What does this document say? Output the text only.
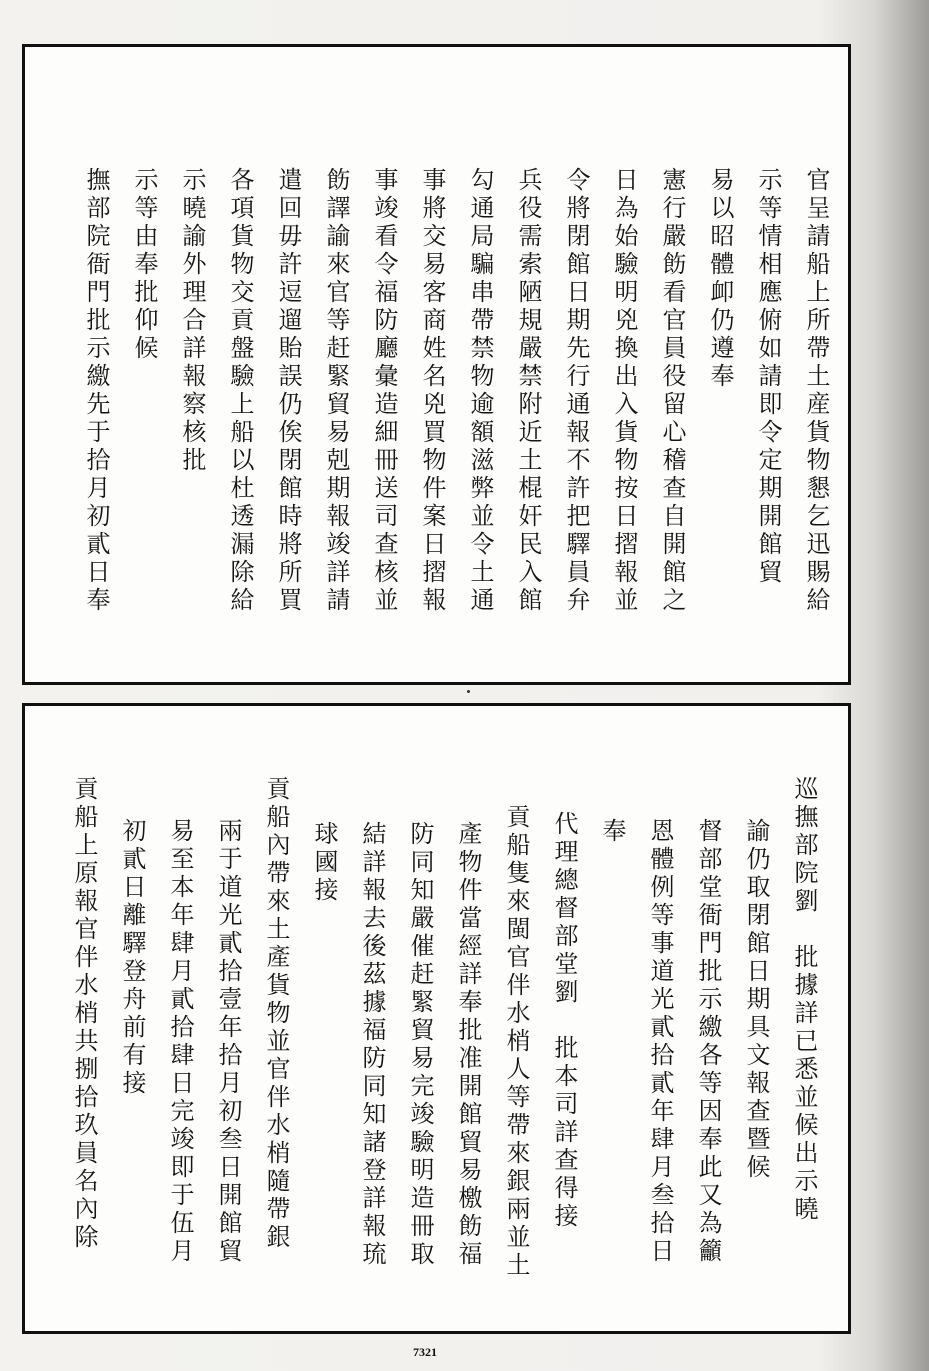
官呈請船上所帶土産貨物懇乞迅賜給
示等情相應俯如請即令定期開館貿
易以昭體卹仍遵奉
憲行嚴飭看官員役留心稽查自開館之
日為始驗明兇換出入貨物按日摺報並
令將閉館日期先行通報不許把驛員弁
兵役需索陋規嚴禁附近土棍奸民入館
勾通局騙串帶禁物逾額滋弊並令土通
事將交易客商姓名兇買物件案日摺報
事竣看令福防廳彙造細冊送司查核並
飭譯諭來官等赶緊貿易剋期報竣詳請
遣回毋許逗遛貽誤仍俟閉館時將所買
各項貨物交貢盤驗上船以杜透漏除給
示曉諭外理合詳報察核批
示等由奉批仰候
撫部院衙門批示繳先于拾月初貳日奉
巡撫部院劉　批據詳已悉並候出示曉
諭仍取閉館日期具文報查暨候
督部堂衙門批示繳各等因奉此又為籲
恩體例等事道光貳拾貳年肆月叁拾日
奉
代理總督部堂劉　批本司詳查得接
貢船隻來閩官伴水梢人等帶來銀兩並土
產物件當經詳奉批准開館貿易檄飭福
防同知嚴催赶緊貿易完竣驗明造冊取
結詳報去後茲據福防同知諸登詳報琉
球國接
貢船內帶來土產貨物並官伴水梢隨帶銀
兩于道光貳拾壹年拾月初叁日開館貿
易至本年肆月貳拾肆日完竣即于伍月
初貳日離驛登舟前有接
貢船上原報官伴水梢共捌拾玖員名內除
7321
